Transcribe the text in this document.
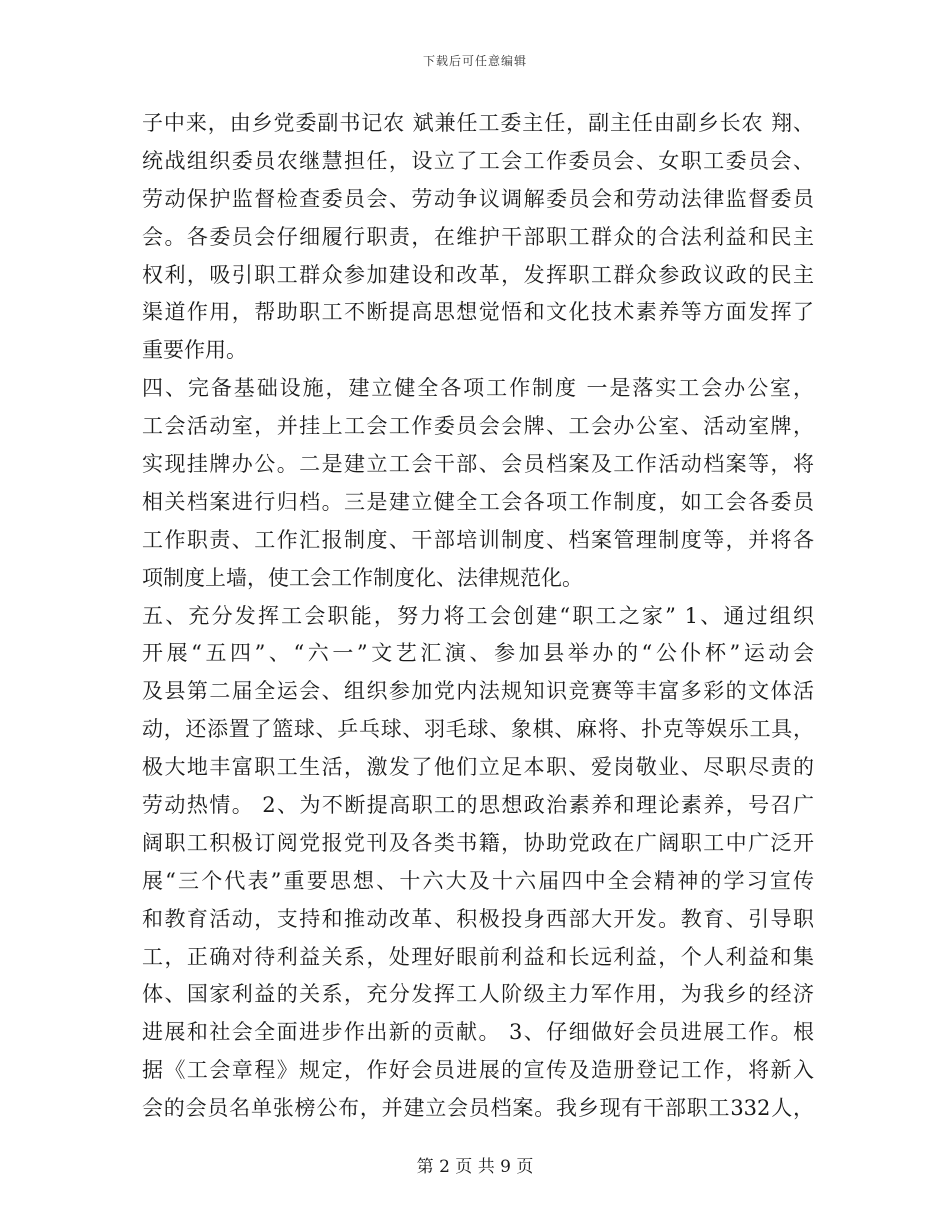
下载后可任意编辑
子中来，由乡党委副书记农 斌兼任工委主任，副主任由副乡长农 翔、
统战组织委员农继慧担任，设立了工会工作委员会、女职工委员会、
劳动保护监督检查委员会、劳动争议调解委员会和劳动法律监督委员
会。各委员会仔细履行职责，在维护干部职工群众的合法利益和民主
权利，吸引职工群众参加建设和改革，发挥职工群众参政议政的民主
渠道作用，帮助职工不断提高思想觉悟和文化技术素养等方面发挥了
重要作用。
四、完备基础设施，建立健全各项工作制度 一是落实工会办公室，
工会活动室，并挂上工会工作委员会会牌、工会办公室、活动室牌，
实现挂牌办公。二是建立工会干部、会员档案及工作活动档案等，将
相关档案进行归档。三是建立健全工会各项工作制度，如工会各委员
工作职责、工作汇报制度、干部培训制度、档案管理制度等，并将各
项制度上墙，使工会工作制度化、法律规范化。
五、充分发挥工会职能，努力将工会创建“职工之家” 1、通过组织
开展“五四”、“六一”文艺汇演、参加县举办的“公仆杯”运动会
及县第二届全运会、组织参加党内法规知识竞赛等丰富多彩的文体活
动，还添置了篮球、乒乓球、羽毛球、象棋、麻将、扑克等娱乐工具，
极大地丰富职工生活，激发了他们立足本职、爱岗敬业、尽职尽责的
劳动热情。 2、为不断提高职工的思想政治素养和理论素养，号召广
阔职工积极订阅党报党刊及各类书籍，协助党政在广阔职工中广泛开
展“三个代表”重要思想、十六大及十六届四中全会精神的学习宣传
和教育活动，支持和推动改革、积极投身西部大开发。教育、引导职
工，正确对待利益关系，处理好眼前利益和长远利益，个人利益和集
体、国家利益的关系，充分发挥工人阶级主力军作用，为我乡的经济
进展和社会全面进步作出新的贡献。 3、仔细做好会员进展工作。根
据《工会章程》规定，作好会员进展的宣传及造册登记工作，将新入
会的会员名单张榜公布，并建立会员档案。我乡现有干部职工332人，
第 2 页 共 9 页
